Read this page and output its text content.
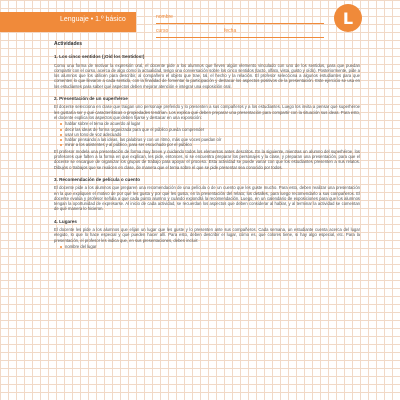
Lenguaje • 1.º básico	nombre
curso	fecha
L
Actividades
1. Los cinco sentidos (¡Oíd los Sentidos!)

Como una forma de motivar la expresión oral, el docente pide a los alumnos que lleven algún elemento vinculado con uno de los sentidos, para que puedan compartir con el curso, acerca de algo como la actualidad, tengo una conversación sobre los cinco sentidos (tacto, olfato, vista, gusto y oído). Posteriormente, pide a los alumnos que los utilicen para describir, al compañero el objeto que trae, tal, el hecho y la relación. El profesor selecciona a algunos estudiantes para que comenten lo que llevaron a cada sentido, con la finalidad de fomentar la participación y destacar los aspectos positivos de la presentación. Este ejercicio se usa en los estudiantes para saber qué aspectos deben mejorar atención e integrar una exposición oral.

2. Presentación de un superhéroe

El docente selecciona en clase que traigan uno personaje preferido y lo presenten a sus compañeros y a los estudiantes. Luego los invita a pensar qué superhéroe les gustaría ser y qué características o propiedades tendrían. Los explica qué deben preparar una presentación para compartir con la situación sus ideas. Para esto, el docente explica los aspectos que deben fijarse y destacar en una exposición:

hablar sobre el tema de acuerdo al lugar
decir las ideas de forma organizada para que el público pueda comprender
usar un tono de voz adecuado
hablar pensando a las ideas, las palabras y con un ritmo, más que voces puedan oír
mirar a los asistentes y al público, para ser escuchado por el público

El profesor modela una presentación de forma muy breve y cuidando todos los elementos antes descritos. En la siguiente, mientras un alumno del superhéroe, los profesores que falten a la forma en que explican, les pide, entonces, si se encuentra preparar los personajes y la clase, y preparan una presentación, para que el docente se encargue de organizar los grupos de trabajo para apoyar el proceso. Esta actividad se puede variar con que los estudiantes presenten a sus relatos. Dibujos o trabajos que se realicen en clase, de manera que el tema sobre el que se pide presentar sea conocido por todos.

3. Recomendación de película o cuento

El docente pide a los alumnos que preparen una recomendación de una película o de un cuento que les guste mucho. Para esto, deben realizar una presentación en la que expliquen el motivo de por qué les gusta y por qué les gusta, en la presentación del relato; los detalles, para luego recomendarlo a sus compañeros. El docente evalúa y profesor señala a que cada punto alumno y cuándo expondrá la recomendación. Luego, en un calendario de exposiciones para que los alumnos tengan la oportunidad de expresarse. Al inicio de cada actividad, se recuerdan los aspectos que deben considerar al hablar, y al terminar la actividad se comentan de qué manera lo hicieron.

4. Lugares

El docente les pide a los alumnos que elijan un lugar que les guste y lo presenten ante sus compañeros. Cada semana, un estudiante cuenta acerca del lugar elegido, lo que lo hace especial y qué pueden hacer allí. Para esto, deben describir el lugar, cómo es, qué colores tiene, si hay algo especial, etc. Para la presentación, el profesor les indica que, en sus presentaciones, deben incluir:

nombre del lugar
